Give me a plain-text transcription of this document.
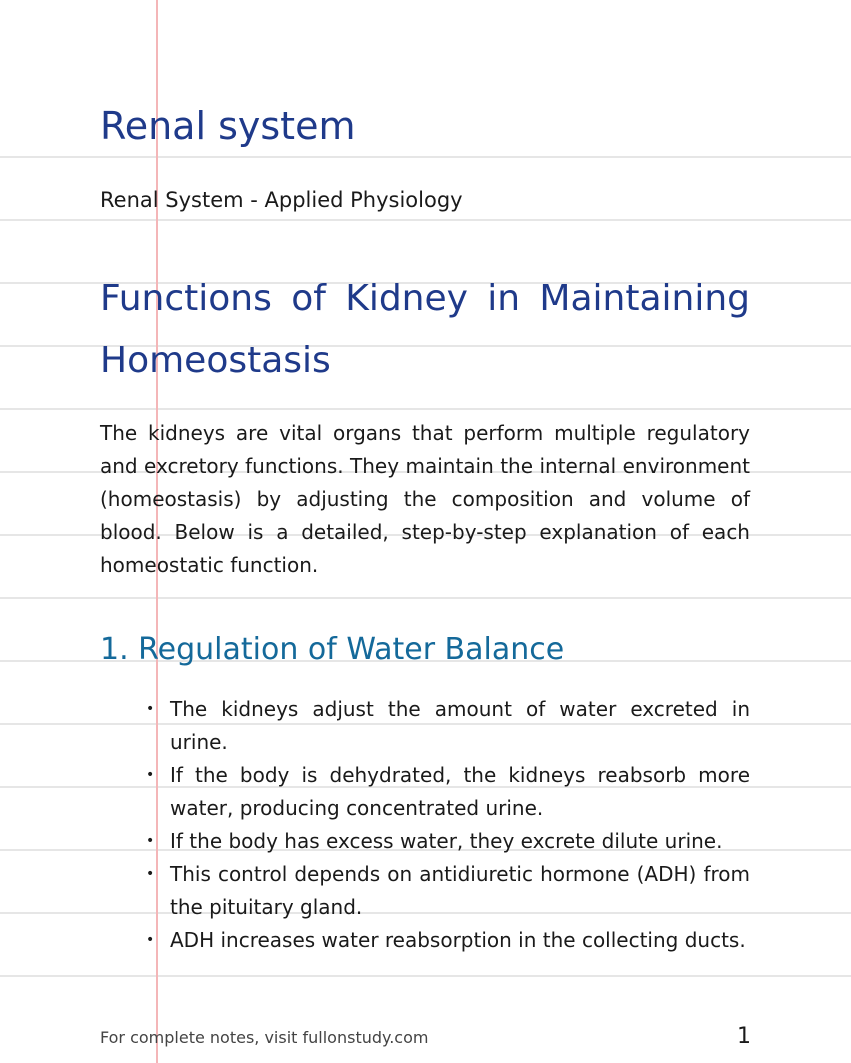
Renal system

Renal System - Applied Physiology

Functions of Kidney in Maintaining Homeostasis

The kidneys are vital organs that perform multiple regulatory and excretory functions. They maintain the internal environment (homeostasis) by adjusting the composition and volume of blood. Below is a detailed, step-by-step explanation of each homeostatic function.

1. Regulation of Water Balance
• The kidneys adjust the amount of water excreted in urine.
• If the body is dehydrated, the kidneys reabsorb more water, producing concentrated urine.
• If the body has excess water, they excrete dilute urine.
• This control depends on antidiuretic hormone (ADH) from the pituitary gland.
• ADH increases water reabsorption in the collecting ducts.
For complete notes, visit fullonstudy.com	1
